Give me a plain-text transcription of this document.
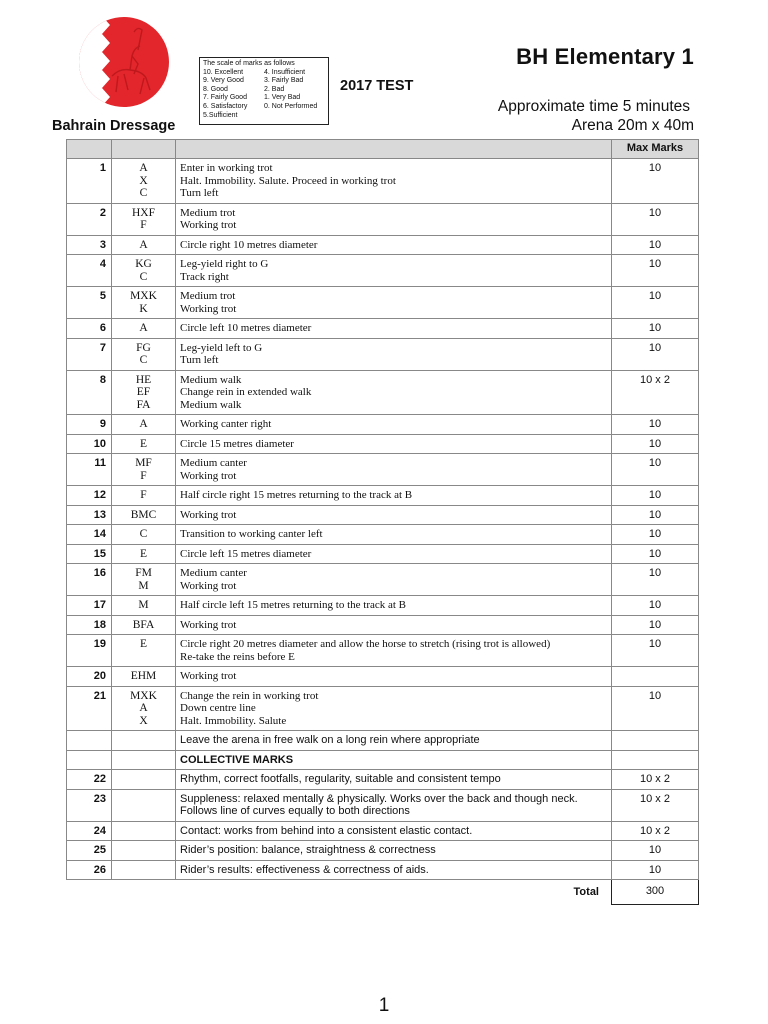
Bahrain Dressage
The scale of marks as follows
10. Excellent	4. Insufficient
9. Very Good	3. Fairly Bad
8. Good	2. Bad
7. Fairly Good	1. Very Bad
6. Satisfactory	0. Not Performed
5.Sufficient
2017 TEST
BH Elementary 1
Approximate time 5 minutes
Arena 20m x 40m
			Max Marks
1	A
X
C	Enter in working trot
Halt. Immobility. Salute. Proceed in working trot
Turn left	10
2	HXF
F	Medium trot
Working trot	10
3	A	Circle right 10 metres diameter	10
4	KG
C	Leg-yield right to G
Track right	10
5	MXK
K	Medium trot
Working trot	10
6	A	Circle left 10 metres diameter	10
7	FG
C	Leg-yield left to G
Turn left	10
8	HE
EF
FA	Medium walk
Change rein in extended walk
Medium walk	10 x 2
9	A	Working canter right	10
10	E	Circle 15 metres diameter	10
11	MF
F	Medium canter
Working trot	10
12	F	Half circle right 15 metres returning to the track at B	10
13	BMC	Working trot	10
14	C	Transition to working canter left	10
15	E	Circle left 15 metres diameter	10
16	FM
M	Medium canter
Working trot	10
17	M	Half circle left 15 metres returning to the track at B	10
18	BFA	Working trot	10
19	E	Circle right 20 metres diameter and allow the horse to stretch (rising trot is allowed)
Re-take the reins before E	10
20	EHM	Working trot	

21	MXK
A
X	Change the rein in working trot
Down centre line
Halt. Immobility. Salute	10
		Leave the arena in free walk on a long rein where appropriate	
		COLLECTIVE MARKS	
22		Rhythm, correct footfalls, regularity, suitable and consistent tempo	10 x 2
23		Suppleness: relaxed mentally & physically. Works over the back and though neck.
Follows line of curves equally to both directions	10 x 2
24		Contact: works from behind into a consistent elastic contact.	10 x 2
25		Rider’s position: balance, straightness & correctness	10
26		Rider’s results: effectiveness & correctness of aids.	10
		Total	300
1
